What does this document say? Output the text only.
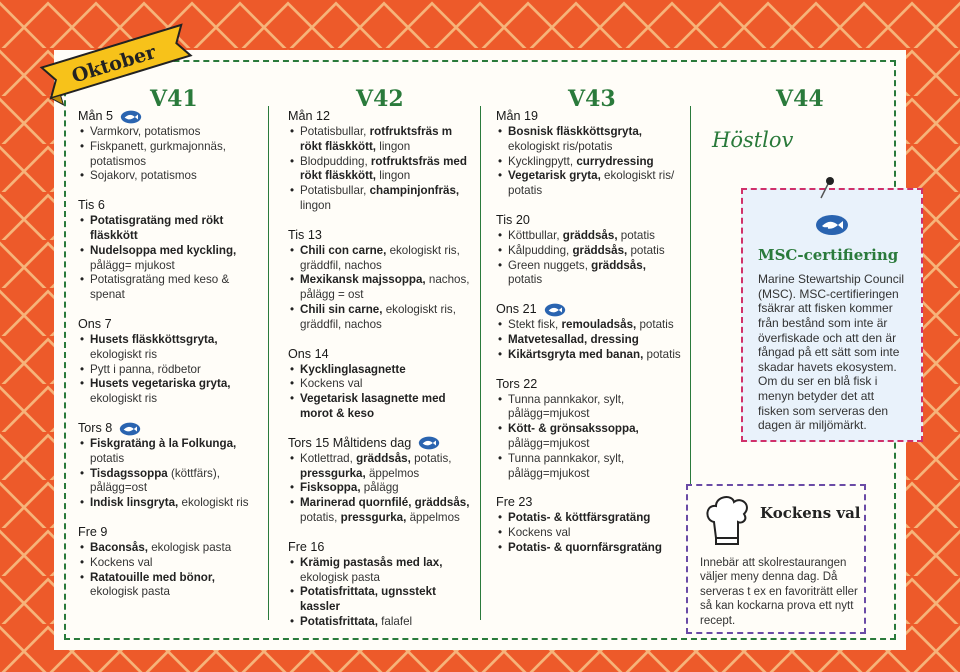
Oktober
V41	V42	V43	V44
Mån 5
• Varmkorv, potatismos
• Fiskpanett, gurkmajonnäs, potatismos
• Sojakorv, potatismos
Tis 6
• Potatisgratäng med rökt fläskkött
• Nudelsoppa med kyckling, pålägg= mjukost
• Potatisgratäng med keso & spenat
Ons 7
• Husets fläskköttsgryta, ekologiskt ris
• Pytt i panna, rödbetor
• Husets vegetariska gryta, ekologiskt ris
Tors 8
• Fiskgratäng à la Folkunga, potatis
• Tisdagssoppa (köttfärs), pålägg=ost
• Indisk linsgryta, ekologiskt ris
Fre 9
• Baconsås, ekologisk pasta
• Kockens val
• Ratatouille med bönor, ekologisk pasta
Mån 12
• Potatisbullar, rotfruktsfräs m rökt fläskkött, lingon
• Blodpudding, rotfruktsfräs med rökt fläskkött, lingon
• Potatisbullar, champinjonfräs, lingon
Tis 13
• Chili con carne, ekologiskt ris, gräddfil, nachos
• Mexikansk majssoppa, nachos, pålägg = ost
• Chili sin carne, ekologiskt ris, gräddfil, nachos
Ons 14
• Kycklinglasagnette
• Kockens val
• Vegetarisk lasagnette med morot & keso
Tors 15 Måltidens dag
• Kotlettrad, gräddsås, potatis, pressgurka, äppelmos
• Fisksoppa, pålägg
• Marinerad quornfilé, gräddsås, potatis, pressgurka, äppelmos
Fre 16
• Krämig pastasås med lax, ekologisk pasta
• Potatisfrittata, ugnsstekt kassler
• Potatisfrittata, falafel
Mån 19
• Bosnisk fläskköttsgryta, ekologiskt ris/potatis
• Kycklingpytt, currydressing
• Vegetarisk gryta, ekologiskt ris/ potatis
Tis 20
• Köttbullar, gräddsås, potatis
• Kålpudding, gräddsås, potatis
• Green nuggets, gräddsås, potatis
Ons 21
• Stekt fisk, remouladsås, potatis
• Matvetesallad, dressing
• Kikärtsgryta med banan, potatis
Tors 22
• Tunna pannkakor, sylt, pålägg=mjukost
• Kött- & grönsakssoppa, pålägg=mjukost
• Tunna pannkakor, sylt, pålägg=mjukost
Fre 23
• Potatis- & köttfärsgratäng
• Kockens val
• Potatis- & quornfärsgratäng
Höstlov
MSC-certifiering
Marine Stewartship Council (MSC). MSC-certifieringen fsäkrar att fisken kommer från bestånd som inte är överfiskade och att den är fångad på ett sätt som inte skadar havets ekosystem. Om du ser en blå fisk i menyn betyder det att fisken som serveras den dagen är miljömärkt.
Kockens val

Innebär att skolrestaurangen väljer meny denna dag. Då serveras t ex en favoriträtt eller så kan kockarna prova ett nytt recept.
